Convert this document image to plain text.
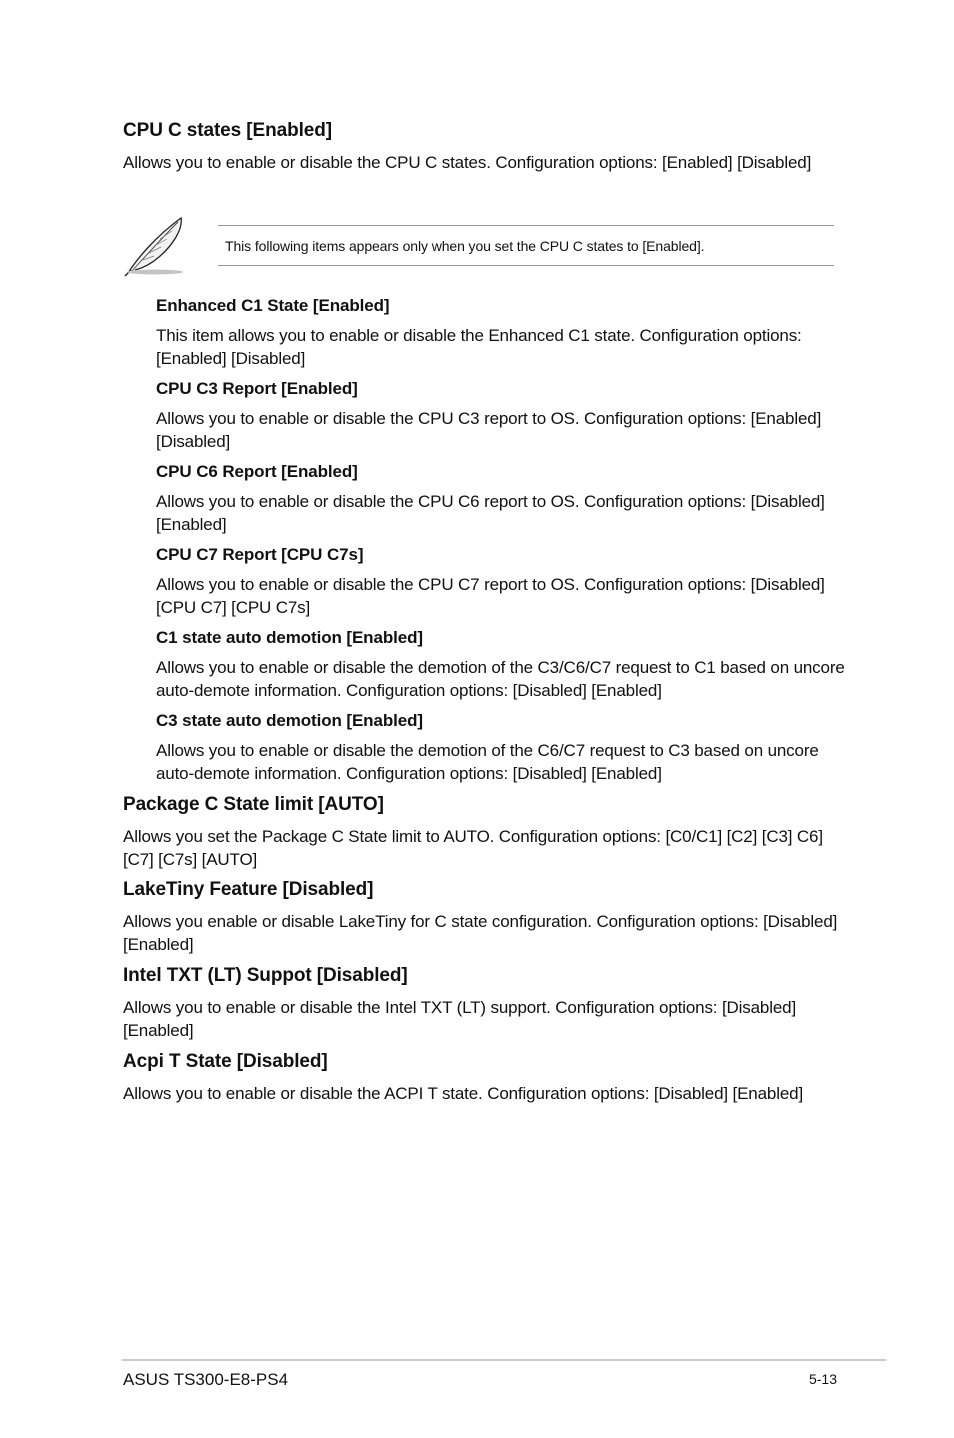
CPU C states [Enabled]

Allows you to enable or disable the CPU C states. Configuration options: [Enabled] [Disabled]

This following items appears only when you set the CPU C states to [Enabled].
Enhanced C1 State [Enabled]

This item allows you to enable or disable the Enhanced C1 state. Configuration options: [Enabled] [Disabled]

CPU C3 Report [Enabled]

Allows you to enable or disable the CPU C3 report to OS. Configuration options: [Enabled] [Disabled]

CPU C6 Report [Enabled]

Allows you to enable or disable the CPU C6 report to OS. Configuration options: [Disabled] [Enabled]

CPU C7 Report [CPU C7s]

Allows you to enable or disable the CPU C7 report to OS. Configuration options: [Disabled] [CPU C7] [CPU C7s]

C1 state auto demotion [Enabled]

Allows you to enable or disable the demotion of the C3/C6/C7 request to C1 based on uncore auto-demote information. Configuration options: [Disabled] [Enabled]

C3 state auto demotion [Enabled]

Allows you to enable or disable the demotion of the C6/C7 request to C3 based on uncore auto-demote information. Configuration options: [Disabled] [Enabled]

Package C State limit [AUTO]

Allows you set the Package C State limit to AUTO. Configuration options: [C0/C1] [C2] [C3] C6] [C7] [C7s] [AUTO]

LakeTiny Feature [Disabled]

Allows you enable or disable LakeTiny for C state configuration. Configuration options: [Disabled] [Enabled]

Intel TXT (LT) Suppot [Disabled]

Allows you to enable or disable the Intel TXT (LT) support. Configuration options: [Disabled] [Enabled]

Acpi T State [Disabled]

Allows you to enable or disable the ACPI T state. Configuration options: [Disabled] [Enabled]

ASUS TS300-E8-PS4	5-13
